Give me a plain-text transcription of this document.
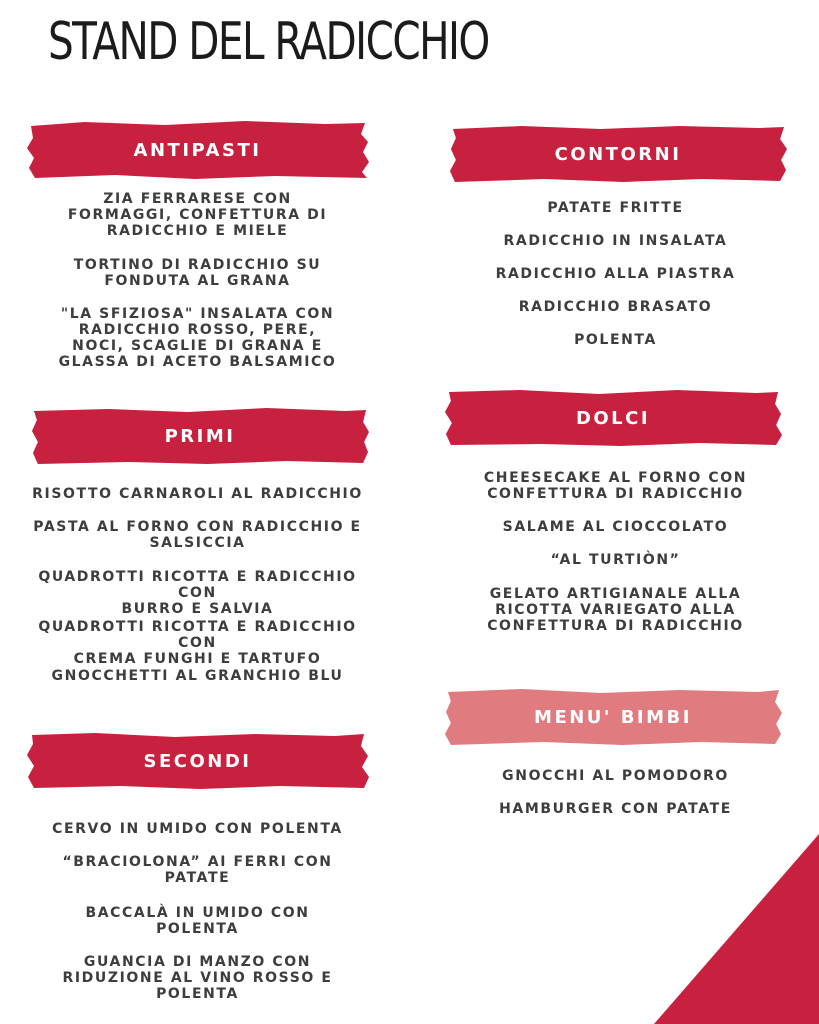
STAND DEL RADICCHIO
ANTIPASTI
ZIA FERRARESE CON
FORMAGGI, CONFETTURA DI
RADICCHIO E MIELE
TORTINO DI RADICCHIO SU
FONDUTA AL GRANA
"LA SFIZIOSA" INSALATA CON
RADICCHIO ROSSO, PERE,
NOCI, SCAGLIE DI GRANA E
GLASSA DI ACETO BALSAMICO
PRIMI
RISOTTO CARNAROLI AL RADICCHIO
PASTA AL FORNO CON RADICCHIO E
SALSICCIA
QUADROTTI RICOTTA E RADICCHIO CON
BURRO E SALVIA
QUADROTTI RICOTTA E RADICCHIO CON
CREMA FUNGHI E TARTUFO
GNOCCHETTI AL GRANCHIO BLU
SECONDI
CERVO IN UMIDO CON POLENTA
“BRACIOLONA” AI FERRI CON
PATATE
BACCALÀ IN UMIDO CON
POLENTA
GUANCIA DI MANZO CON
RIDUZIONE AL VINO ROSSO E
POLENTA
CONTORNI
PATATE FRITTE
RADICCHIO IN INSALATA
RADICCHIO ALLA PIASTRA
RADICCHIO BRASATO
POLENTA
DOLCI
CHEESECAKE AL FORNO CON
CONFETTURA DI RADICCHIO
SALAME AL CIOCCOLATO
“AL TURTIÒN”
GELATO ARTIGIANALE ALLA
RICOTTA VARIEGATO ALLA
CONFETTURA DI RADICCHIO
MENU' BIMBI
GNOCCHI AL POMODORO
HAMBURGER CON PATATE
